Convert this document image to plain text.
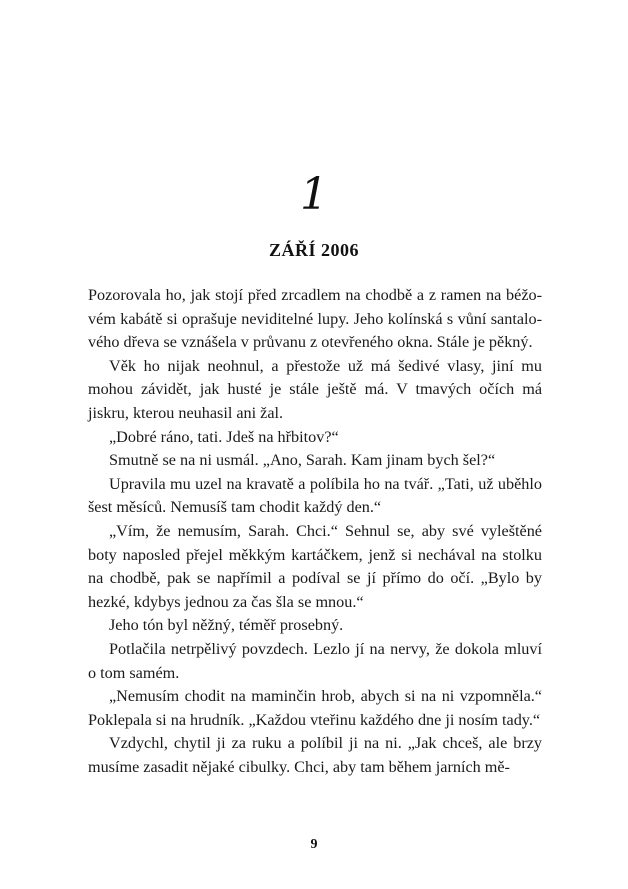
1
ZÁŘÍ 2006

Pozorovala ho, jak stojí před zrcadlem na chodbě a z ramen na béžovém kabátě si oprašuje neviditelné lupy. Jeho kolínská s vůní santalového dřeva se vznášela v průvanu z otevřeného okna. Stále je pěkný.

Věk ho nijak neohnul, a přestože už má šedivé vlasy, jiní mu mohou závidět, jak husté je stále ještě má. V tmavých očích má jiskru, kterou neuhasil ani žal.

„Dobré ráno, tati. Jdeš na hřbitov?“

Smutně se na ni usmál. „Ano, Sarah. Kam jinam bych šel?“

Upravila mu uzel na kravatě a políbila ho na tvář. „Tati, už uběhlo šest měsíců. Nemusíš tam chodit každý den.“

„Vím, že nemusím, Sarah. Chci.“ Sehnul se, aby své vyleštěné boty naposled přejel měkkým kartáčkem, jenž si nechával na stolku na chodbě, pak se napřímil a podíval se jí přímo do očí. „Bylo by hezké, kdybys jednou za čas šla se mnou.“

Jeho tón byl něžný, téměř prosebný.

Potlačila netrpělivý povzdech. Lezlo jí na nervy, že dokola mluví o tom samém.

„Nemusím chodit na maminčin hrob, abych si na ni vzpomněla.“ Poklepala si na hrudník. „Každou vteřinu každého dne ji nosím tady.“

Vzdychl, chytil ji za ruku a políbil ji na ni. „Jak chceš, ale brzy musíme zasadit nějaké cibulky. Chci, aby tam během jarních mě-

9
